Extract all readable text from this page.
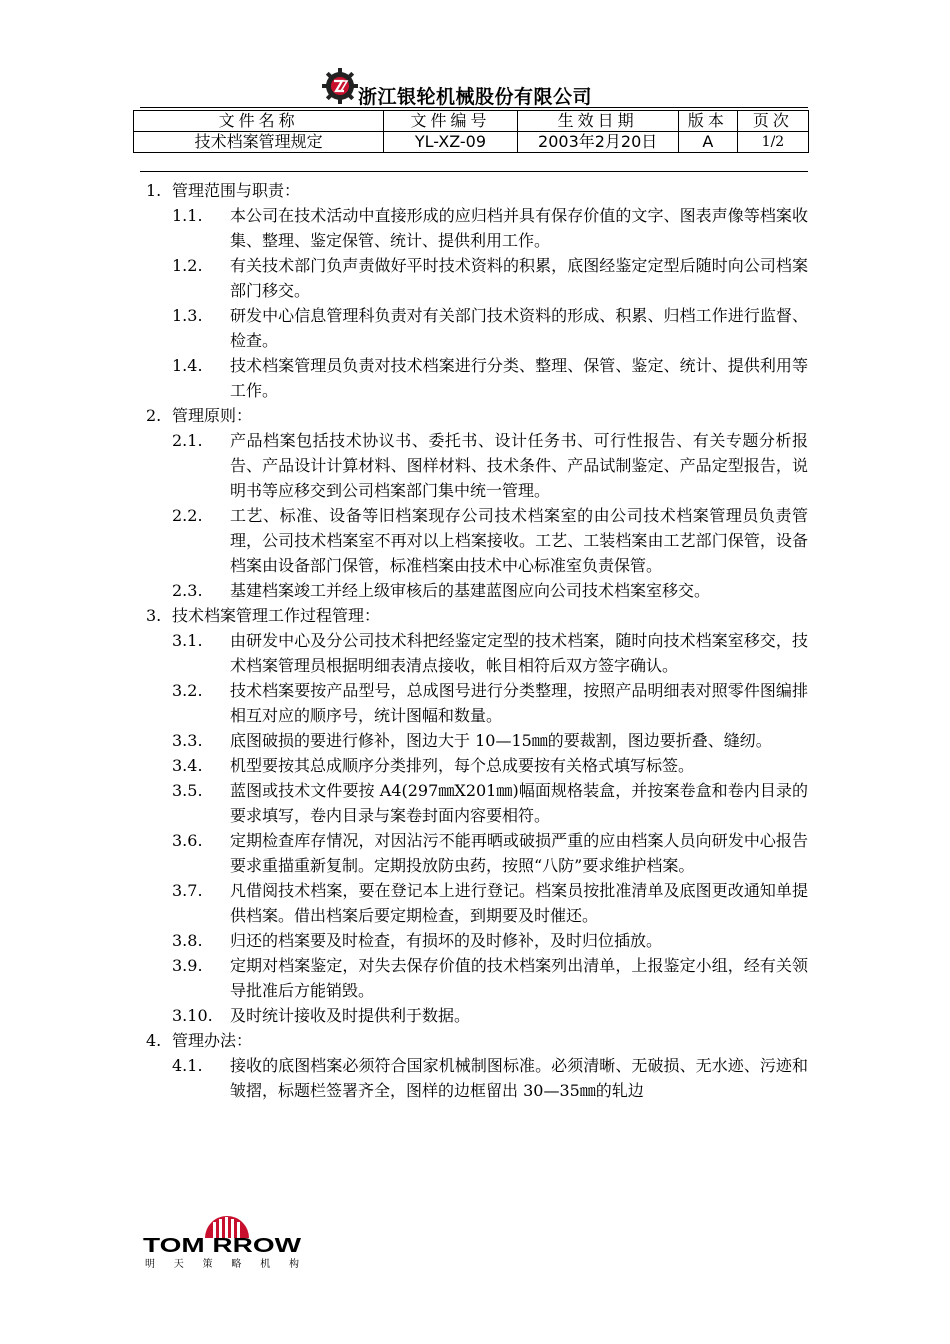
浙江银轮机械股份有限公司
文件名称	文件编号	生效日期	版本	页次
技术档案管理规定	YL-XZ-09	2003年2月20日	A	1/2
1. 管理范围与职责：
1.1.	本公司在技术活动中直接形成的应归档并具有保存价值的文字、图表声像等档案收集、整理、鉴定保管、统计、提供利用工作。
1.2.	有关技术部门负声责做好平时技术资料的积累，底图经鉴定定型后随时向公司档案部门移交。
1.3.	研发中心信息管理科负责对有关部门技术资料的形成、积累、归档工作进行监督、检查。
1.4.	技术档案管理员负责对技术档案进行分类、整理、保管、鉴定、统计、提供利用等工作。
2. 管理原则：
2.1.	产品档案包括技术协议书、委托书、设计任务书、可行性报告、有关专题分析报告、产品设计计算材料、图样材料、技术条件、产品试制鉴定、产品定型报告，说明书等应移交到公司档案部门集中统一管理。
2.2.	工艺、标准、设备等旧档案现存公司技术档案室的由公司技术档案管理员负责管理，公司技术档案室不再对以上档案接收。工艺、工装档案由工艺部门保管，设备档案由设备部门保管，标准档案由技术中心标准室负责保管。
2.3.	基建档案竣工并经上级审核后的基建蓝图应向公司技术档案室移交。
3. 技术档案管理工作过程管理：
3.1.	由研发中心及分公司技术科把经鉴定定型的技术档案，随时向技术档案室移交，技术档案管理员根据明细表清点接收，帐目相符后双方签字确认。
3.2.	技术档案要按产品型号，总成图号进行分类整理，按照产品明细表对照零件图编排相互对应的顺序号，统计图幅和数量。
3.3.	底图破损的要进行修补，图边大于 10—15㎜的要裁割，图边要折叠、缝纫。
3.4.	机型要按其总成顺序分类排列，每个总成要按有关格式填写标签。
3.5.	蓝图或技术文件要按 A4(297㎜X201㎜)幅面规格装盒，并按案卷盒和卷内目录的要求填写，卷内目录与案卷封面内容要相符。
3.6.	定期检查库存情况，对因沾污不能再晒或破损严重的应由档案人员向研发中心报告要求重描重新复制。定期投放防虫药，按照“八防”要求维护档案。
3.7.	凡借阅技术档案，要在登记本上进行登记。档案员按批准清单及底图更改通知单提供档案。借出档案后要定期检查，到期要及时催还。
3.8.	归还的档案要及时检查，有损坏的及时修补，及时归位插放。
3.9.	定期对档案鉴定，对失去保存价值的技术档案列出清单，上报鉴定小组，经有关领导批准后方能销毁。
3.10.	及时统计接收及时提供利于数据。
4. 管理办法：
4.1.	接收的底图档案必须符合国家机械制图标准。必须清晰、无破损、无水迹、污迹和皱摺，标题栏签署齐全，图样的边框留出 30—35㎜的轧边
TOM RROW
明 天 策 略 机 构
